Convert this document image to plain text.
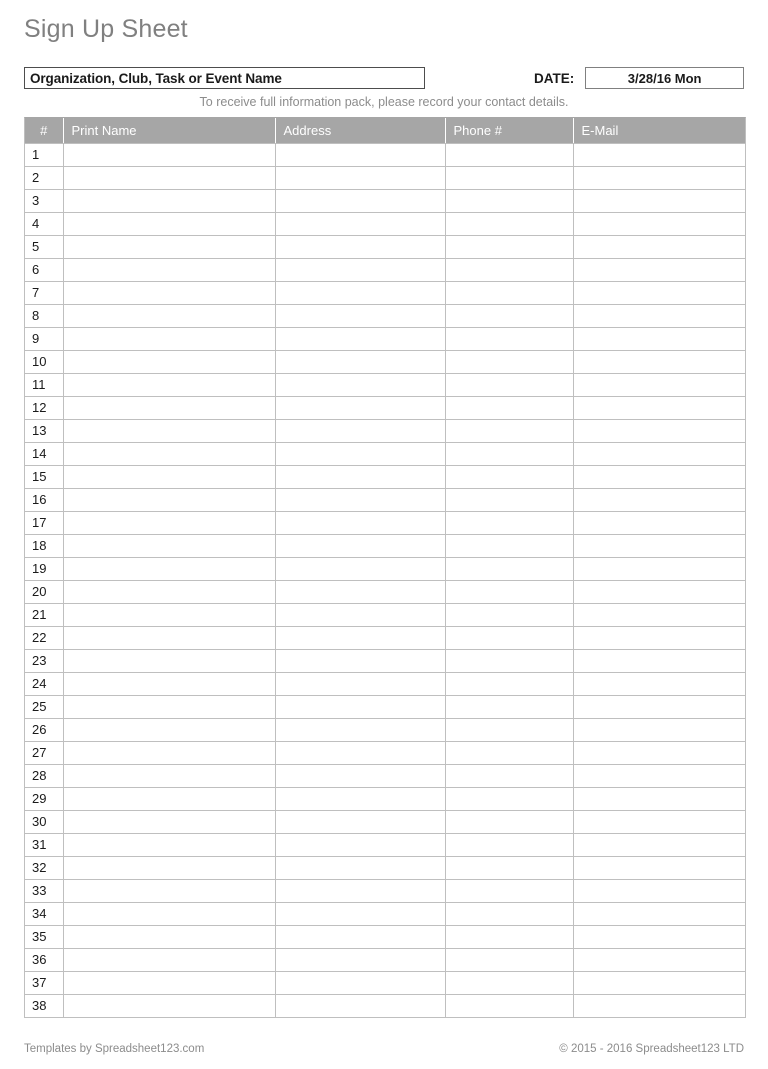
Sign Up Sheet
Organization, Club, Task or Event Name	DATE:	3/28/16 Mon
To receive full information pack, please record your contact details.
#	Print Name	Address	Phone #	E-Mail
1				
2				
3				
4				
5				
6				
7				
8				
9				
10				
11				
12				
13				
14				
15				
16				
17				
18				
19				
20				
21				
22				
23				
24				
25				
26				
27				
28				
29				
30				
31				
32				
33				
34				
35				
36				
37				
38				
Templates by Spreadsheet123.com	© 2015 - 2016 Spreadsheet123 LTD
